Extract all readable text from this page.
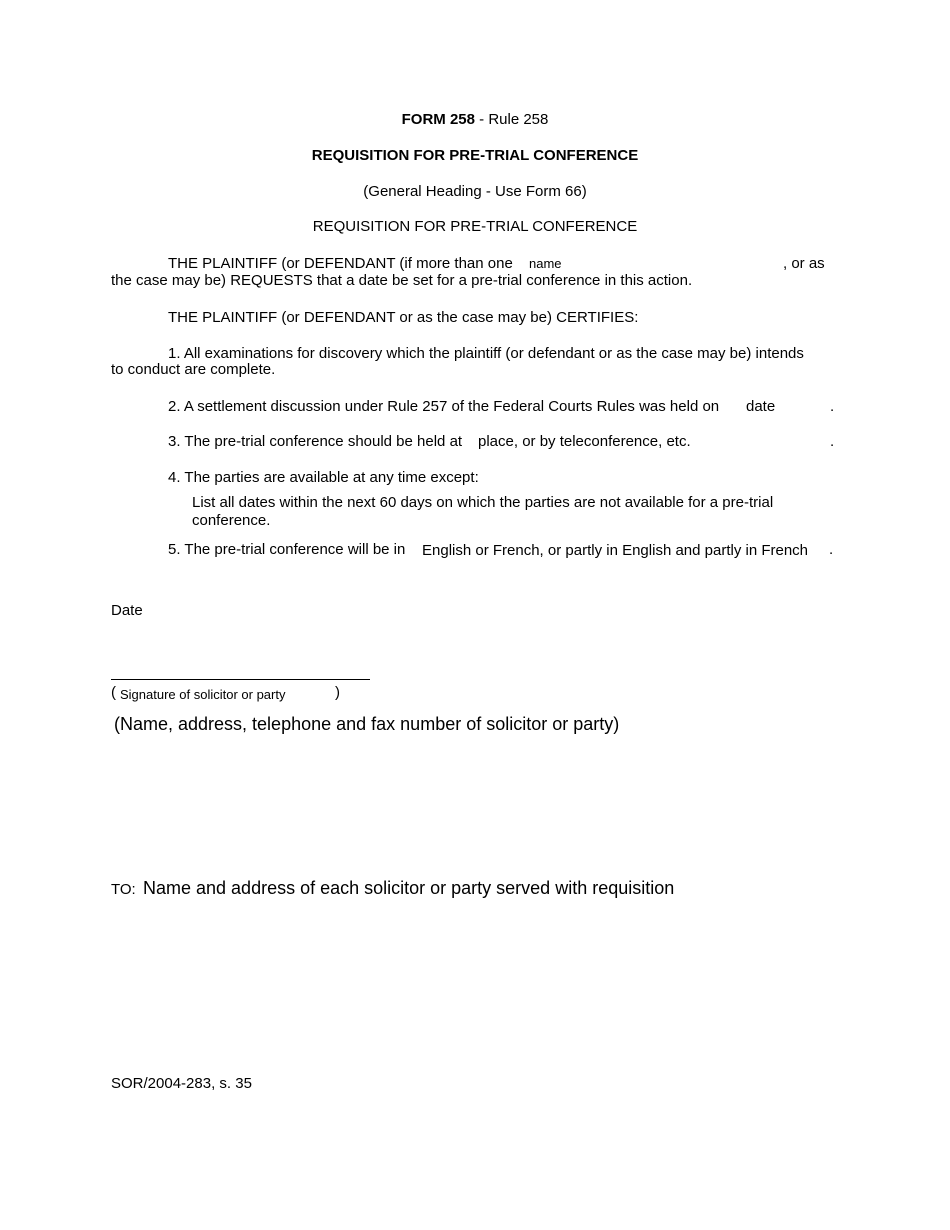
FORM 258 - Rule 258
REQUISITION FOR PRE-TRIAL CONFERENCE
(General Heading - Use Form 66)
REQUISITION FOR PRE-TRIAL CONFERENCE
THE PLAINTIFF (or DEFENDANT (if more than one name	, or as
the case may be) REQUESTS that a date be set for a pre-trial conference in this action.
THE PLAINTIFF (or DEFENDANT or as the case may be) CERTIFIES:
1. All examinations for discovery which the plaintiff (or defendant or as the case may be) intends
to conduct are complete.
2. A settlement discussion under Rule 257 of the Federal Courts Rules was held on date	.
3. The pre-trial conference should be held at place, or by teleconference, etc.	.
4. The parties are available at any time except:
List all dates within the next 60 days on which the parties are not available for a pre-trial
conference.
5. The pre-trial conference will be in English or French, or partly in English and partly in French .
Date
( Signature of solicitor or party	)
(Name, address, telephone and fax number of solicitor or party)
TO: Name and address of each solicitor or party served with requisition
SOR/2004-283, s. 35
